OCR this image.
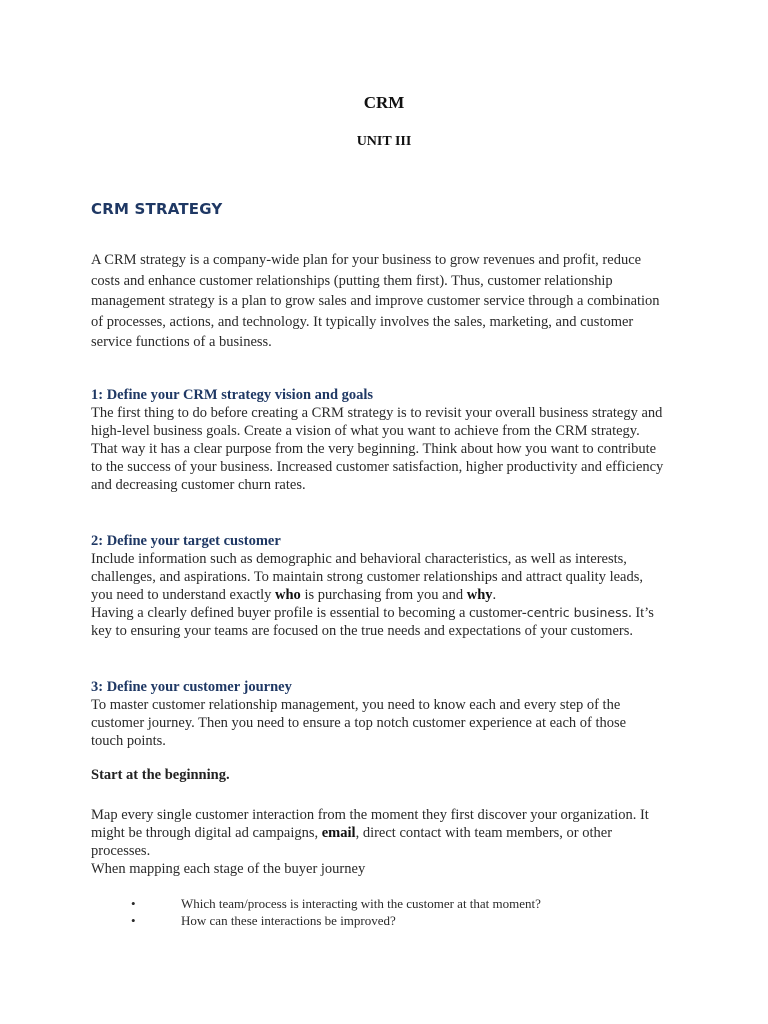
CRM
UNIT III
CRM STRATEGY
A CRM strategy is a company-wide plan for your business to grow revenues and profit, reduce
costs and enhance customer relationships (putting them first). Thus, customer relationship
management strategy is a plan to grow sales and improve customer service through a combination
of processes, actions, and technology. It typically involves the sales, marketing, and customer
service functions of a business.
1: Define your CRM strategy vision and goals
The first thing to do before creating a CRM strategy is to revisit your overall business strategy and
high-level business goals. Create a vision of what you want to achieve from the CRM strategy.
That way it has a clear purpose from the very beginning. Think about how you want to contribute
to the success of your business. Increased customer satisfaction, higher productivity and efficiency
and decreasing customer churn rates.
2: Define your target customer
Include information such as demographic and behavioral characteristics, as well as interests,
challenges, and aspirations. To maintain strong customer relationships and attract quality leads,
you need to understand exactly who is purchasing from you and why.
Having a clearly defined buyer profile is essential to becoming a customer-centric business. It’s
key to ensuring your teams are focused on the true needs and expectations of your customers.
3: Define your customer journey
To master customer relationship management, you need to know each and every step of the
customer journey. Then you need to ensure a top notch customer experience at each of those
touch points.
Start at the beginning.
Map every single customer interaction from the moment they first discover your organization. It
might be through digital ad campaigns, email, direct contact with team members, or other
processes.
When mapping each stage of the buyer journey
•	Which team/process is interacting with the customer at that moment?
•	How can these interactions be improved?
